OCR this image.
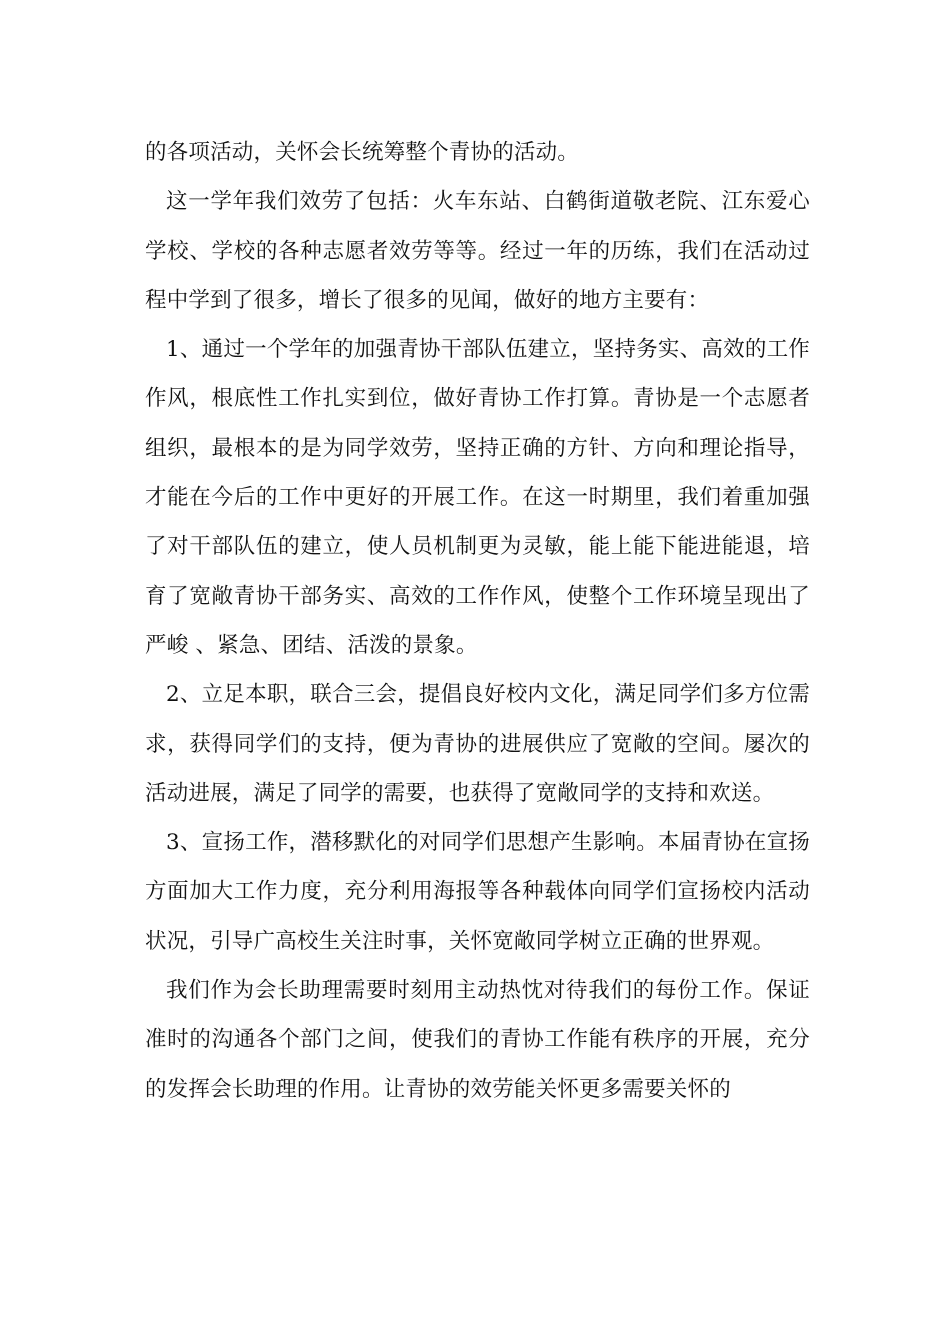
的各项活动，关怀会长统筹整个青协的活动。

这一学年我们效劳了包括：火车东站、白鹤街道敬老院、江东爱心学校、学校的各种志愿者效劳等等。经过一年的历练，我们在活动过程中学到了很多，增长了很多的见闻，做好的地方主要有：

1、通过一个学年的加强青协干部队伍建立，坚持务实、高效的工作作风，根底性工作扎实到位，做好青协工作打算。青协是一个志愿者组织，最根本的是为同学效劳，坚持正确的方针、方向和理论指导，才能在今后的工作中更好的开展工作。在这一时期里，我们着重加强了对干部队伍的建立，使人员机制更为灵敏，能上能下能进能退，培育了宽敞青协干部务实、高效的工作作风，使整个工作环境呈现出了严峻 、紧急、团结、活泼的景象。

2、立足本职，联合三会，提倡良好校内文化，满足同学们多方位需求，获得同学们的支持，便为青协的进展供应了宽敞的空间。屡次的活动进展，满足了同学的需要，也获得了宽敞同学的支持和欢送。

3、宣扬工作，潜移默化的对同学们思想产生影响。本届青协在宣扬方面加大工作力度，充分利用海报等各种载体向同学们宣扬校内活动状况，引导广高校生关注时事，关怀宽敞同学树立正确的世界观。

我们作为会长助理需要时刻用主动热忱对待我们的每份工作。保证准时的沟通各个部门之间，使我们的青协工作能有秩序的开展，充分的发挥会长助理的作用。让青协的效劳能关怀更多需要关怀的
